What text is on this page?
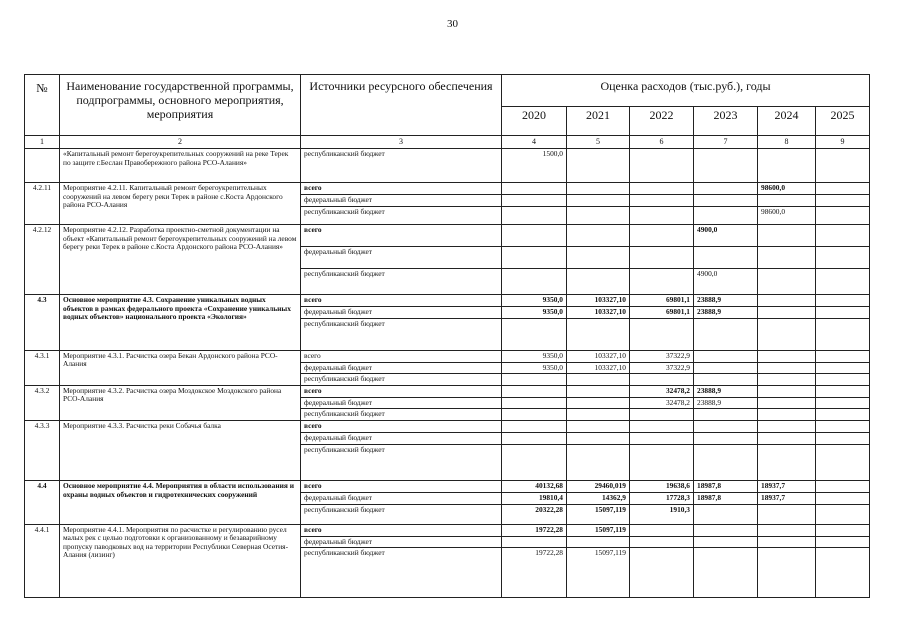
30
№	Наименование государственной программы, подпрограммы, основного мероприятия, мероприятия	Источники ресурсного обеспечения	Оценка расходов (тыс.руб.), годы					
			2020	2021	2022	2023	2024	2025
1	2	3	4	5	6	7	8	9
	«Капитальный ремонт берегоукрепительных сооружений на реке Терек по защите г.Беслан Правобережного района РСО-Алания»	республиканский бюджет	1500,0					
4.2.11	Мероприятие 4.2.11. Капитальный ремонт берегоукрепительных сооружений на левом берегу реки Терек в районе с.Коста Ардонского района РСО-Алания	всего					98600,0	
		федеральный бюджет						
		республиканский бюджет					98600,0	
4.2.12	Мероприятие 4.2.12. Разработка проектно-сметной документации на объект «Капитальный ремонт берегоукрепительных сооружений на левом берегу реки Терек в районе с.Коста Ардонского района РСО-Алания»	всего				4900,0		
		федеральный бюджет						
		республиканский бюджет				4900,0		
4.3	Основное мероприятие 4.3. Сохранение уникальных водных объектов в рамках федерального проекта «Сохранение уникальных водных объектов» национального проекта «Экология»	всего	9350,0	103327,10	69801,1	23888,9		
		федеральный бюджет	9350,0	103327,10	69801,1	23888,9		
		республиканский бюджет						
4.3.1	Мероприятие 4.3.1. Расчистка озера Бекан Ардонского района РСО-Алания	всего	9350,0	103327,10	37322,9			
		федеральный бюджет	9350,0	103327,10	37322,9			
		республиканский бюджет						
4.3.2	Мероприятие 4.3.2. Расчистка озера Моздокское Моздокского района РСО-Алания	всего			32478,2	23888,9		
		федеральный бюджет			32478,2	23888,9		
		республиканский бюджет						
4.3.3	Мероприятие 4.3.3. Расчистка реки Собачья балка	всего						
		федеральный бюджет						
		республиканский бюджет						
4.4	Основное мероприятие 4.4. Мероприятия в области использования и охраны водных объектов и гидротехнических сооружений	всего	40132,68	29460,019	19638,6	18987,8	18937,7	
		федеральный бюджет	19810,4	14362,9	17728,3	18987,8	18937,7	
		республиканский бюджет	20322,28	15097,119	1910,3			
4.4.1	Мероприятие 4.4.1. Мероприятия по расчистке и регулированию русел малых рек с целью подготовки к организованному и безаварийному пропуску паводковых вод на территории Республики Северная Осетия-Алания (лизинг)	всего	19722,28	15097,119				
		федеральный бюджет						
		республиканский бюджет	19722,28	15097,119				
